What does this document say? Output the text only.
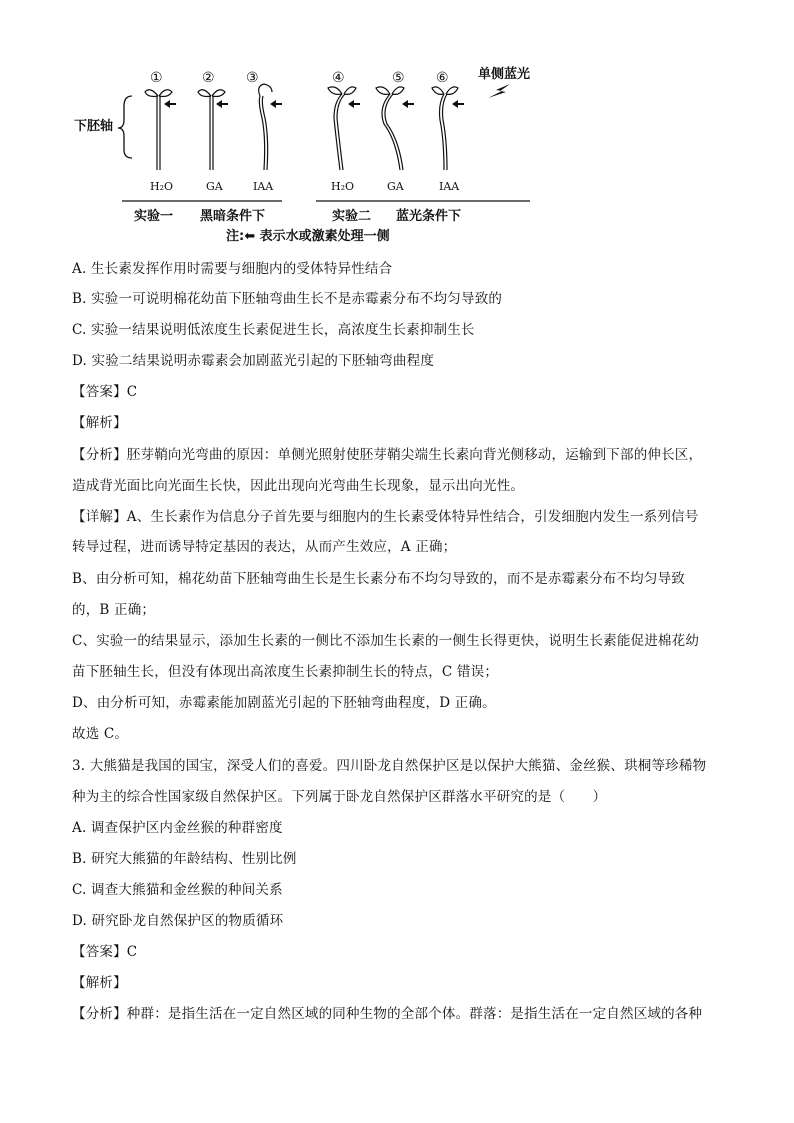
下胚轴
①	② ③	④	⑤ ⑥ 单侧蓝光
H₂O	GA	IAA	H₂O	GA	IAA
实验一 黑暗条件下	实验二 蓝光条件下
注:⬅ 表示水或激素处理一侧
A. 生长素发挥作用时需要与细胞内的受体特异性结合
B. 实验一可说明棉花幼苗下胚轴弯曲生长不是赤霉素分布不均匀导致的
C. 实验一结果说明低浓度生长素促进生长，高浓度生长素抑制生长
D. 实验二结果说明赤霉素会加剧蓝光引起的下胚轴弯曲程度
【答案】C
【解析】
【分析】胚芽鞘向光弯曲的原因：单侧光照射使胚芽鞘尖端生长素向背光侧移动，运输到下部的伸长区，
造成背光面比向光面生长快，因此出现向光弯曲生长现象，显示出向光性。
【详解】A、生长素作为信息分子首先要与细胞内的生长素受体特异性结合，引发细胞内发生一系列信号
转导过程，进而诱导特定基因的表达，从而产生效应，A 正确；
B、由分析可知，棉花幼苗下胚轴弯曲生长是生长素分布不均匀导致的，而不是赤霉素分布不均匀导致
的，B 正确；
C、实验一的结果显示，添加生长素的一侧比不添加生长素的一侧生长得更快，说明生长素能促进棉花幼
苗下胚轴生长，但没有体现出高浓度生长素抑制生长的特点，C 错误；
D、由分析可知，赤霉素能加剧蓝光引起的下胚轴弯曲程度，D 正确。
故选 C。
3. 大熊猫是我国的国宝，深受人们的喜爱。四川卧龙自然保护区是以保护大熊猫、金丝猴、珙桐等珍稀物
种为主的综合性国家级自然保护区。下列属于卧龙自然保护区群落水平研究的是（　　）
A. 调查保护区内金丝猴的种群密度
B. 研究大熊猫的年龄结构、性别比例
C. 调查大熊猫和金丝猴的种间关系
D. 研究卧龙自然保护区的物质循环
【答案】C
【解析】
【分析】种群：是指生活在一定自然区域的同种生物的全部个体。群落：是指生活在一定自然区域的各种
